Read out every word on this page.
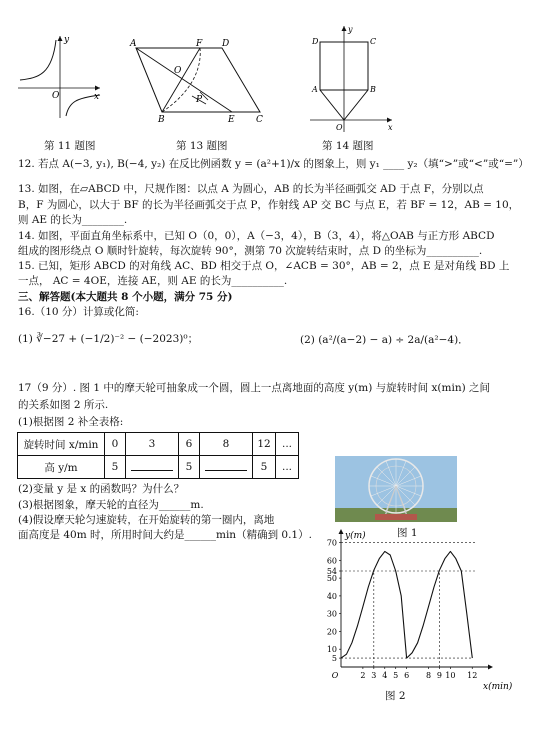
y
O	x
第 11 题图
A	F D
O
P
B	E C
第 13 题图
y
D	C
A	B
O	x
第 14 题图
12. 若点 A(−3, y₁), B(−4, y₂) 在反比例函数 y = (a²+1)/x 的图象上，则 y₁ ____ y₂（填“>”或“<”或“=”）
13. 如图，在▱ABCD 中，尺规作图：以点 A 为圆心，AB 的长为半径画弧交 AD 于点 F，分别以点
B，F 为圆心，以大于 BF 的长为半径画弧交于点 P，作射线 AP 交 BC 与点 E，若 BF = 12，AB = 10，
则 AE 的长为________.
14. 如图，平面直角坐标系中，已知 O（0，0），A（−3，4），B（3，4），将△OAB 与正方形 ABCD
组成的图形绕点 O 顺时针旋转，每次旋转 90°，测第 70 次旋转结束时，点 D 的坐标为__________.
15. 已知，矩形 ABCD 的对角线 AC、BD 相交于点 O，∠ACB = 30°，AB = 2，点 E 是对角线 BD 上
一点， AC = 4OE，连接 AE，则 AE 的长为__________.
三、解答题(本大题共 8 个小题，满分 75 分)
16.（10 分）计算或化简:
(1) ∛−27 + (−1/2)⁻² − (−2023)⁰；	(2) (a²/(a−2) − a) ÷ 2a/(a²−4)．
17（9 分）. 图 1 中的摩天轮可抽象成一个圆，圆上一点离地面的高度 y(m) 与旋转时间 x(min) 之间
的关系如图 2 所示.
(1)根据图 2 补全表格:
旋转时间 x/min	0	3	6	8	12	...
高 y/m	5		5		5	...
(2)变量 y 是 x 的函数吗？为什么？
(3)根据图象，摩天轮的直径为______m.
(4)假设摩天轮匀速旋转，在开始旋转的第一圈内，离地
面高度是 40m 时，所用时间大约是______min（精确到 0.1）.	图 1
5
10
20
30
40
50
54
60
70
O	2 3 4 5 6 8 9 10 12
y(m)
x(min)
图 2
